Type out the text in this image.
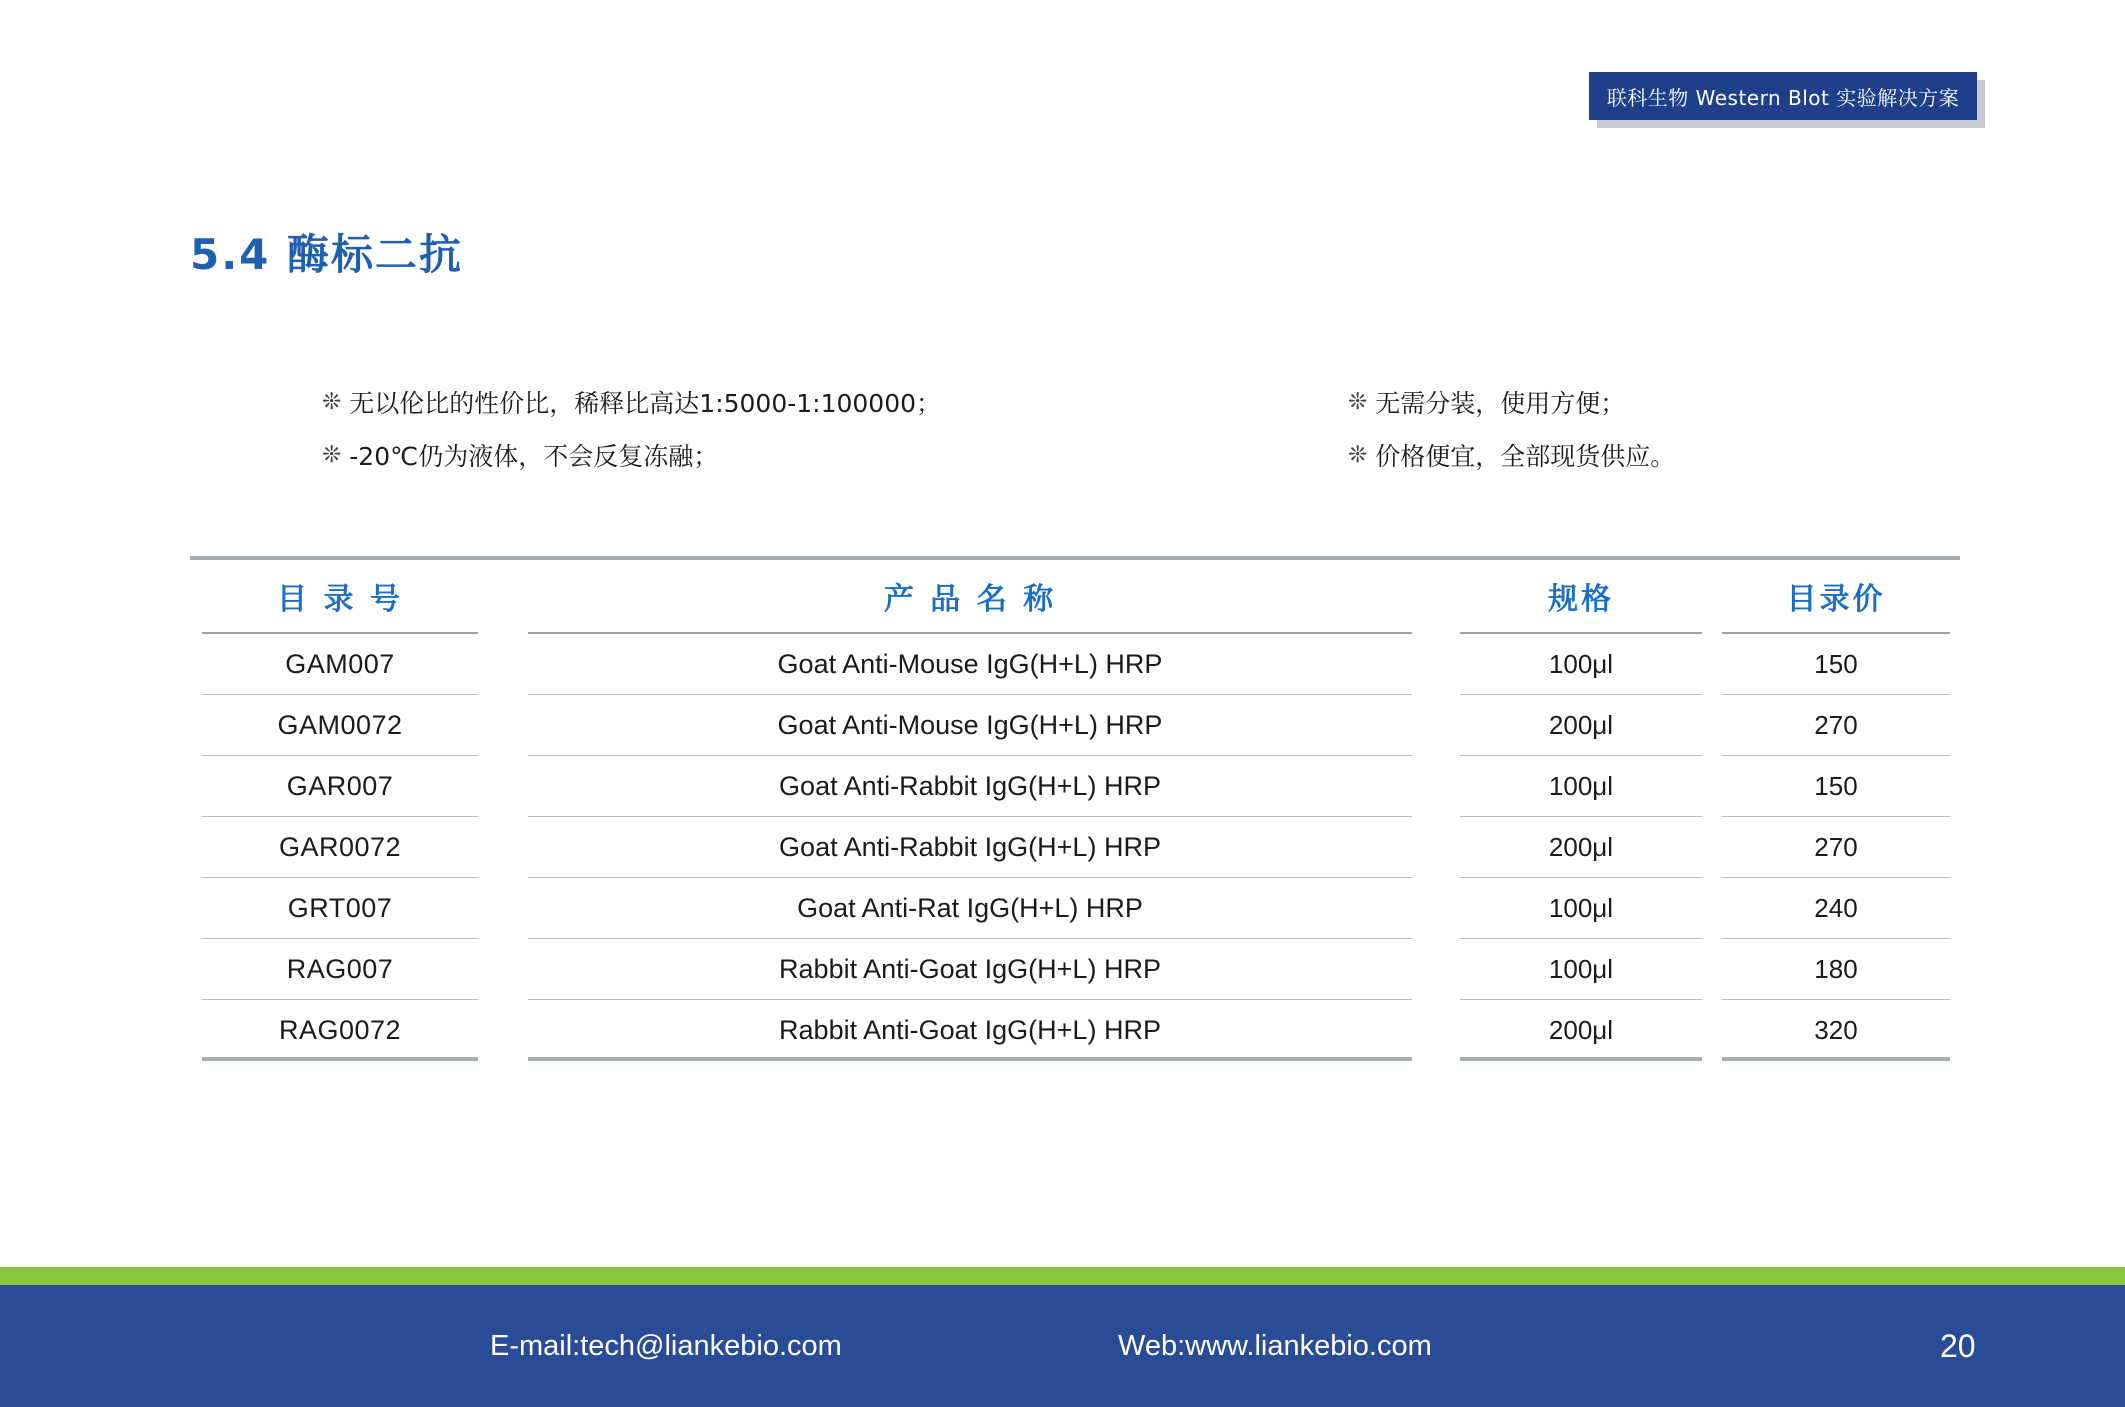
联科生物 Western Blot 实验解决方案
5.4 酶标二抗
❊ 无以伦比的性价比，稀释比高达1:5000-1:100000；
❊ -20℃仍为液体，不会反复冻融；
❊ 无需分装，使用方便；
❊ 价格便宜，全部现货供应。
目 录 号	产 品 名 称	规格	目录价
GAM007	Goat Anti-Mouse IgG(H+L) HRP	100μl	150
GAM0072	Goat Anti-Mouse IgG(H+L) HRP	200μl	270
GAR007	Goat Anti-Rabbit IgG(H+L) HRP	100μl	150
GAR0072	Goat Anti-Rabbit IgG(H+L) HRP	200μl	270
GRT007	Goat Anti-Rat IgG(H+L) HRP	100μl	240
RAG007	Rabbit Anti-Goat IgG(H+L) HRP	100μl	180
RAG0072	Rabbit Anti-Goat IgG(H+L) HRP	200μl	320
E-mail:tech@liankebio.com	Web:www.liankebio.com	20
